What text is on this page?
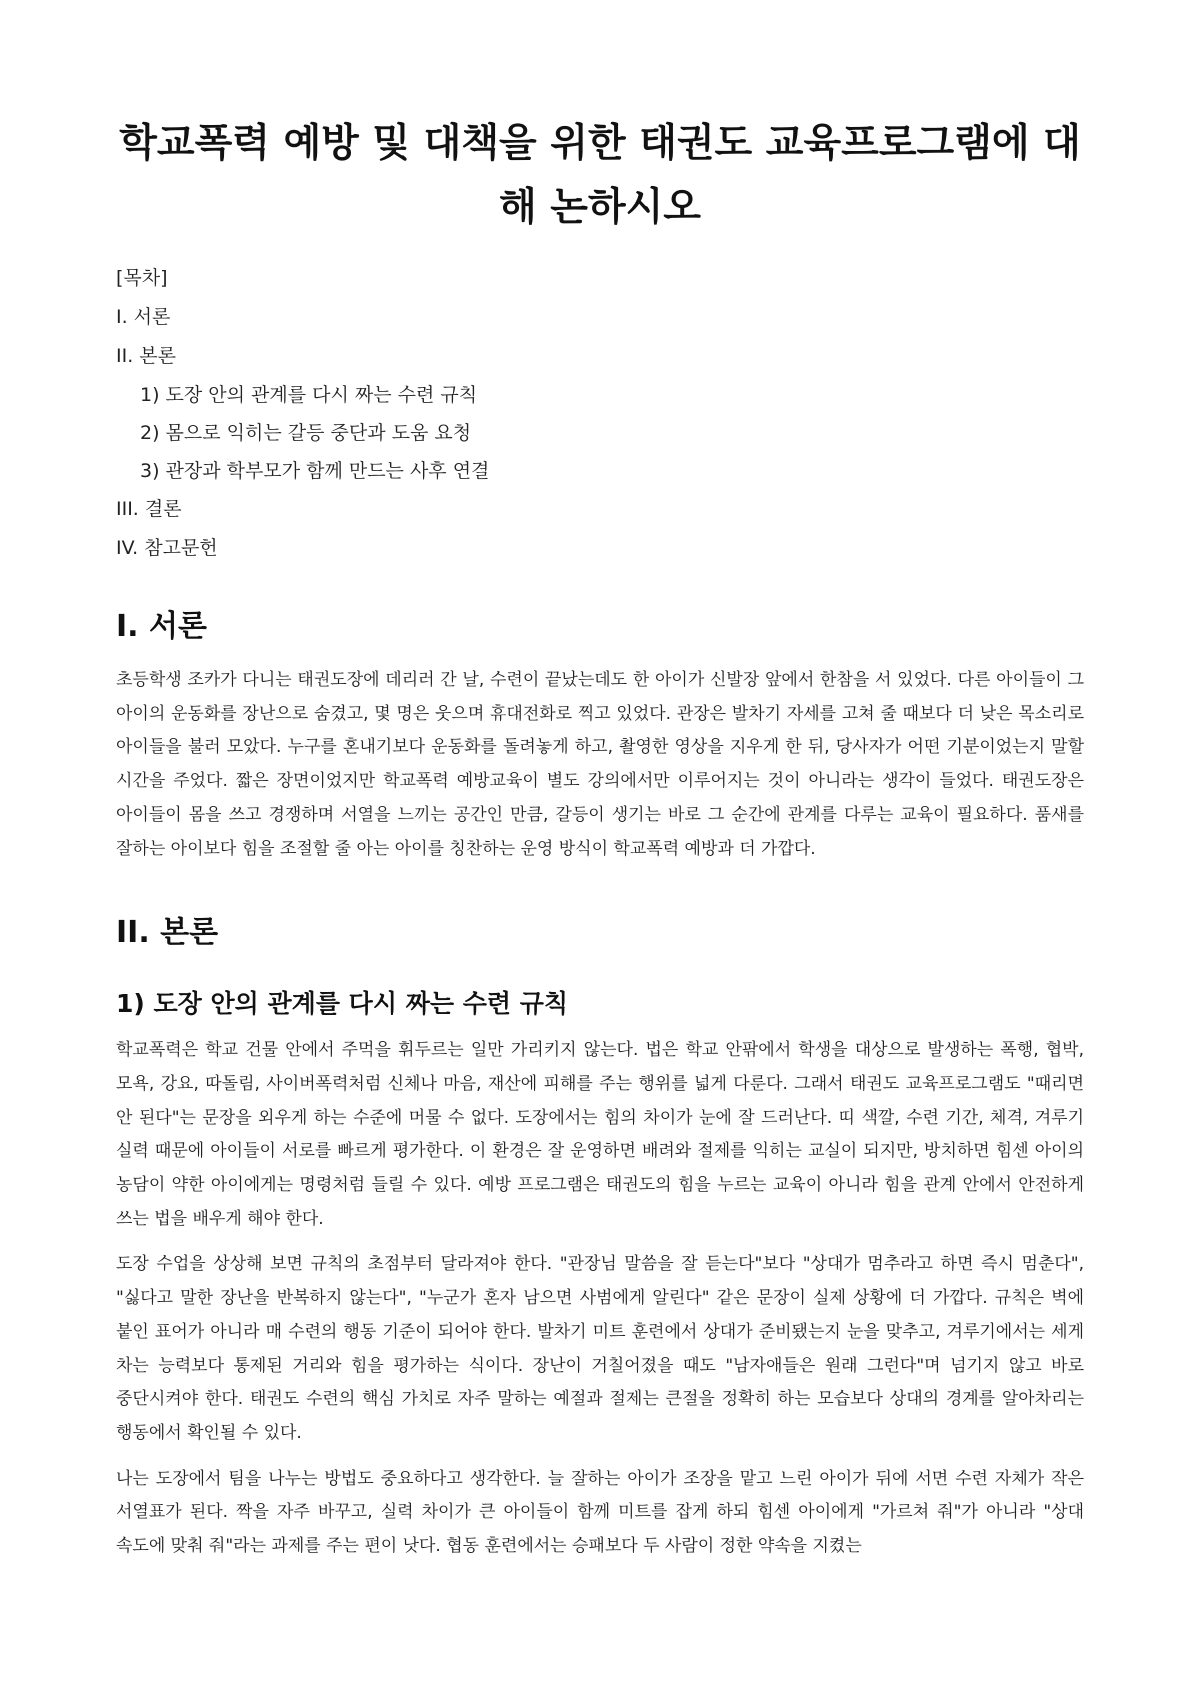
학교폭력 예방 및 대책을 위한 태권도 교육프로그램에 대해 논하시오
[목차]
I. 서론
II. 본론
1) 도장 안의 관계를 다시 짜는 수련 규칙
2) 몸으로 익히는 갈등 중단과 도움 요청
3) 관장과 학부모가 함께 만드는 사후 연결
III. 결론
IV. 참고문헌
I. 서론

초등학생 조카가 다니는 태권도장에 데리러 간 날, 수련이 끝났는데도 한 아이가 신발장 앞에서 한참을 서 있었다. 다른 아이들이 그 아이의 운동화를 장난으로 숨겼고, 몇 명은 웃으며 휴대전화로 찍고 있었다. 관장은 발차기 자세를 고쳐 줄 때보다 더 낮은 목소리로 아이들을 불러 모았다. 누구를 혼내기보다 운동화를 돌려놓게 하고, 촬영한 영상을 지우게 한 뒤, 당사자가 어떤 기분이었는지 말할 시간을 주었다. 짧은 장면이었지만 학교폭력 예방교육이 별도 강의에서만 이루어지는 것이 아니라는 생각이 들었다. 태권도장은 아이들이 몸을 쓰고 경쟁하며 서열을 느끼는 공간인 만큼, 갈등이 생기는 바로 그 순간에 관계를 다루는 교육이 필요하다. 품새를 잘하는 아이보다 힘을 조절할 줄 아는 아이를 칭찬하는 운영 방식이 학교폭력 예방과 더 가깝다.

II. 본론
1) 도장 안의 관계를 다시 짜는 수련 규칙

학교폭력은 학교 건물 안에서 주먹을 휘두르는 일만 가리키지 않는다. 법은 학교 안팎에서 학생을 대상으로 발생하는 폭행, 협박, 모욕, 강요, 따돌림, 사이버폭력처럼 신체나 마음, 재산에 피해를 주는 행위를 넓게 다룬다. 그래서 태권도 교육프로그램도 "때리면 안 된다"는 문장을 외우게 하는 수준에 머물 수 없다. 도장에서는 힘의 차이가 눈에 잘 드러난다. 띠 색깔, 수련 기간, 체격, 겨루기 실력 때문에 아이들이 서로를 빠르게 평가한다. 이 환경은 잘 운영하면 배려와 절제를 익히는 교실이 되지만, 방치하면 힘센 아이의 농담이 약한 아이에게는 명령처럼 들릴 수 있다. 예방 프로그램은 태권도의 힘을 누르는 교육이 아니라 힘을 관계 안에서 안전하게 쓰는 법을 배우게 해야 한다.

도장 수업을 상상해 보면 규칙의 초점부터 달라져야 한다. "관장님 말씀을 잘 듣는다"보다 "상대가 멈추라고 하면 즉시 멈춘다", "싫다고 말한 장난을 반복하지 않는다", "누군가 혼자 남으면 사범에게 알린다" 같은 문장이 실제 상황에 더 가깝다. 규칙은 벽에 붙인 표어가 아니라 매 수련의 행동 기준이 되어야 한다. 발차기 미트 훈련에서 상대가 준비됐는지 눈을 맞추고, 겨루기에서는 세게 차는 능력보다 통제된 거리와 힘을 평가하는 식이다. 장난이 거칠어졌을 때도 "남자애들은 원래 그런다"며 넘기지 않고 바로 중단시켜야 한다. 태권도 수련의 핵심 가치로 자주 말하는 예절과 절제는 큰절을 정확히 하는 모습보다 상대의 경계를 알아차리는 행동에서 확인될 수 있다.

나는 도장에서 팀을 나누는 방법도 중요하다고 생각한다. 늘 잘하는 아이가 조장을 맡고 느린 아이가 뒤에 서면 수련 자체가 작은 서열표가 된다. 짝을 자주 바꾸고, 실력 차이가 큰 아이들이 함께 미트를 잡게 하되 힘센 아이에게 "가르쳐 줘"가 아니라 "상대 속도에 맞춰 줘"라는 과제를 주는 편이 낫다. 협동 훈련에서는 승패보다 두 사람이 정한 약속을 지켰는
